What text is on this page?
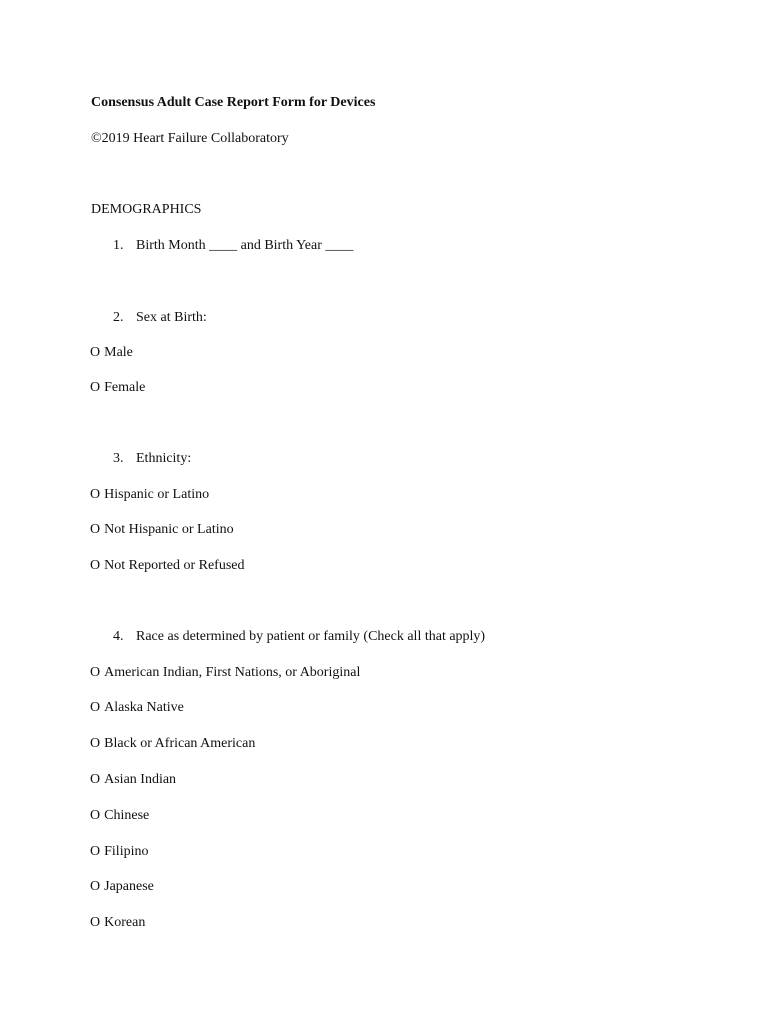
Consensus Adult Case Report Form for Devices
©2019 Heart Failure Collaboratory
DEMOGRAPHICS
1. Birth Month ____ and Birth Year ____
2. Sex at Birth:
O Male
O Female
3. Ethnicity:
O Hispanic or Latino
O Not Hispanic or Latino
O Not Reported or Refused
4. Race as determined by patient or family (Check all that apply)
O American Indian, First Nations, or Aboriginal
O Alaska Native
O Black or African American
O Asian Indian
O Chinese
O Filipino
O Japanese
O Korean
